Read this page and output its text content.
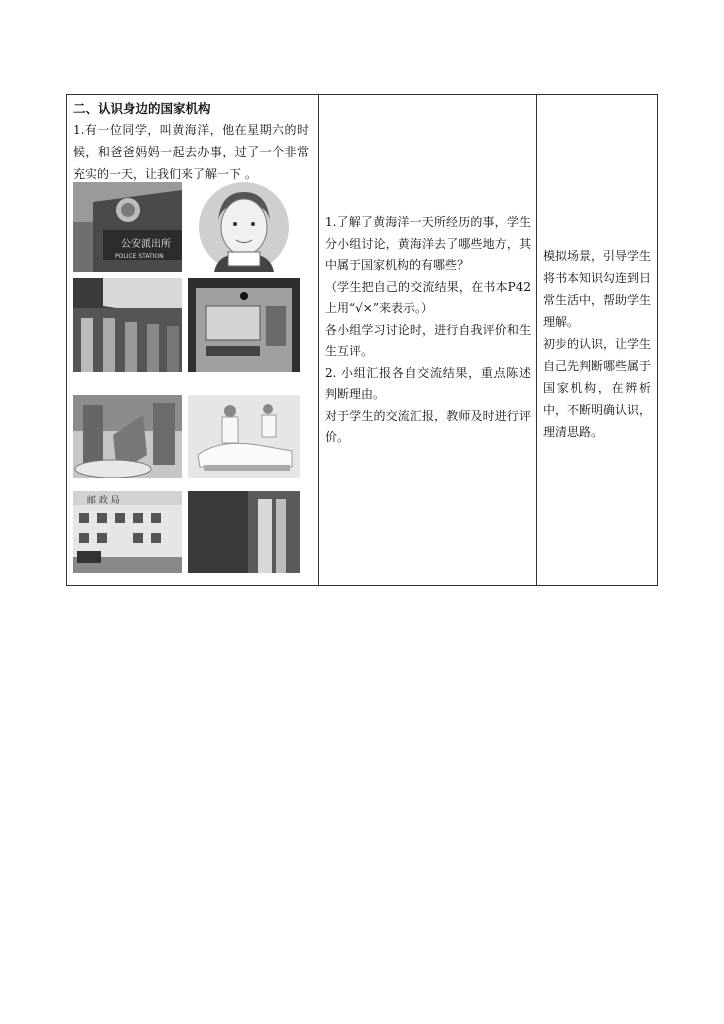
二、认识身边的国家机构
1.有一位同学，叫黄海洋，他在星期六的时候，和爸爸妈妈一起去办事，过了一个非常充实的一天，让我们来了解一下 。
公安派出所
POLICE STATION
邮 政 局
1.了解了黄海洋一天所经历的事，学生分小组讨论，黄海洋去了哪些地方，其中属于国家机构的有哪些？
（学生把自己的交流结果，在书本P42上用“√×”来表示。）
各小组学习讨论时，进行自我评价和生生互评。
2. 小组汇报各自交流结果，重点陈述判断理由。
对于学生的交流汇报，教师及时进行评价。
模拟场景，引导学生将书本知识勾连到日常生活中，帮助学生理解。
初步的认识，让学生自己先判断哪些属于国家机构，在辨析中，不断明确认识，理清思路。
